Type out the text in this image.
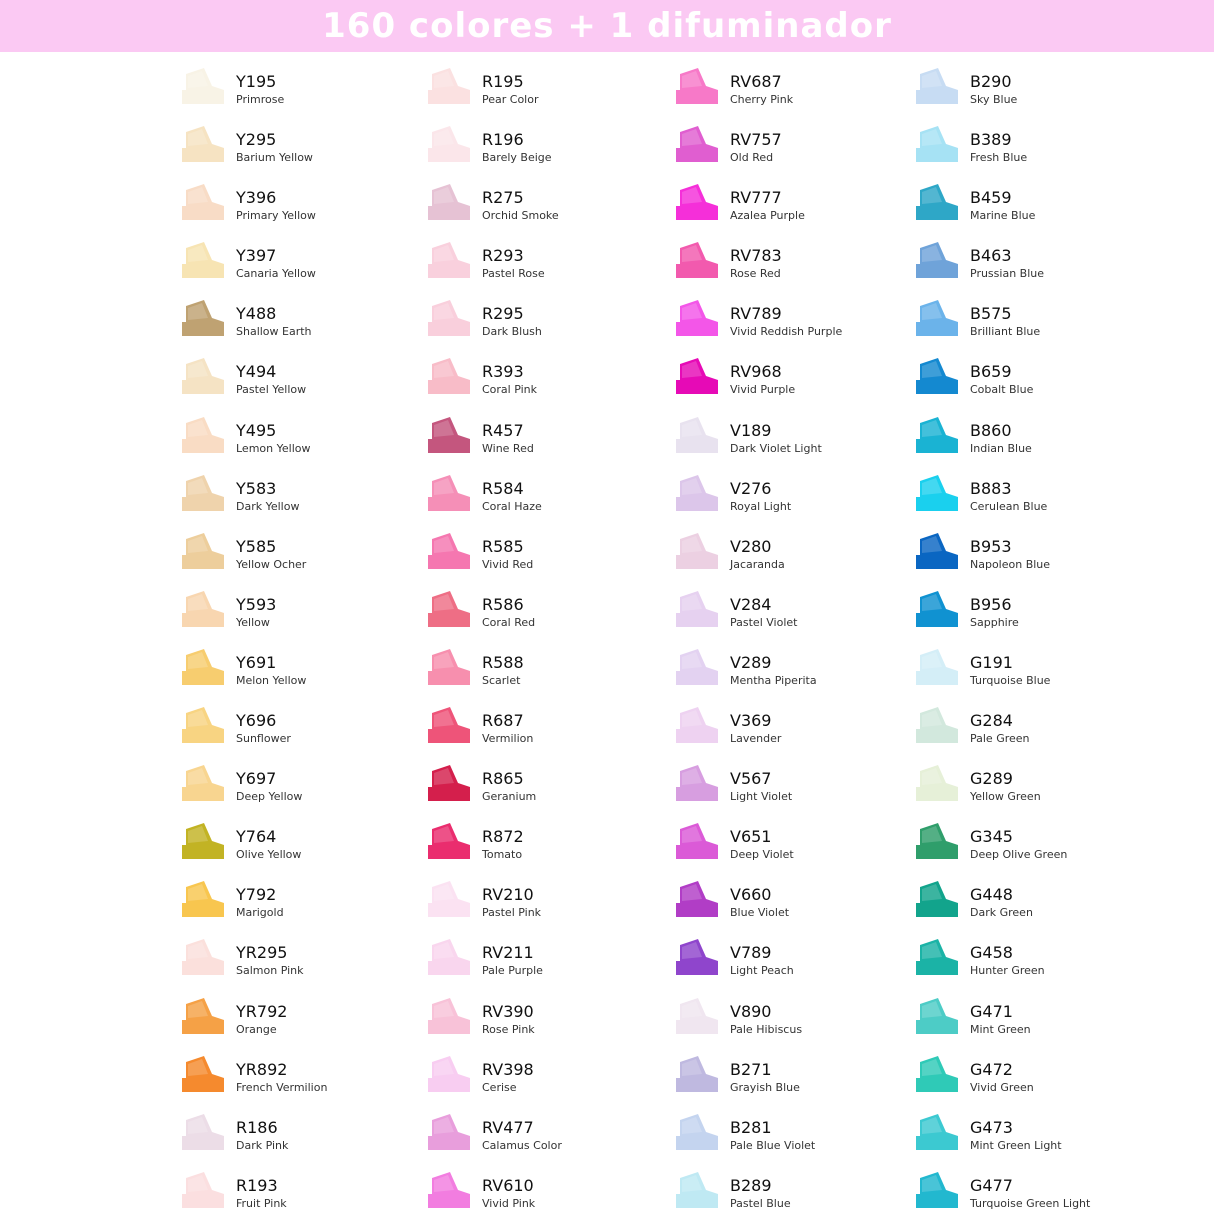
160 colores + 1 difuminador
Y195
Primrose
Y295
Barium Yellow
Y396
Primary Yellow
Y397
Canaria Yellow
Y488
Shallow Earth
Y494
Pastel Yellow
Y495
Lemon Yellow
Y583
Dark Yellow
Y585
Yellow Ocher
Y593
Yellow
Y691
Melon Yellow
Y696
Sunflower
Y697
Deep Yellow
Y764
Olive Yellow
Y792
Marigold
YR295
Salmon Pink
YR792
Orange
YR892
French Vermilion
R186
Dark Pink
R193
Fruit Pink
R195
Pear Color
R196
Barely Beige
R275
Orchid Smoke
R293
Pastel Rose
R295
Dark Blush
R393
Coral Pink
R457
Wine Red
R584
Coral Haze
R585
Vivid Red
R586
Coral Red
R588
Scarlet
R687
Vermilion
R865
Geranium
R872
Tomato
RV210
Pastel Pink
RV211
Pale Purple
RV390
Rose Pink
RV398
Cerise
RV477
Calamus Color
RV610
Vivid Pink
RV687
Cherry Pink
RV757
Old Red
RV777
Azalea Purple
RV783
Rose Red
RV789
Vivid Reddish Purple
RV968
Vivid Purple
V189
Dark Violet Light
V276
Royal Light
V280
Jacaranda
V284
Pastel Violet
V289
Mentha Piperita
V369
Lavender
V567
Light Violet
V651
Deep Violet
V660
Blue Violet
V789
Light Peach
V890
Pale Hibiscus
B271
Grayish Blue
B281
Pale Blue Violet
B289
Pastel Blue
B290
Sky Blue
B389
Fresh Blue
B459
Marine Blue
B463
Prussian Blue
B575
Brilliant Blue
B659
Cobalt Blue
B860
Indian Blue
B883
Cerulean Blue
B953
Napoleon Blue
B956
Sapphire
G191
Turquoise Blue
G284
Pale Green
G289
Yellow Green
G345
Deep Olive Green
G448
Dark Green
G458
Hunter Green
G471
Mint Green
G472
Vivid Green
G473
Mint Green Light
G477
Turquoise Green Light
